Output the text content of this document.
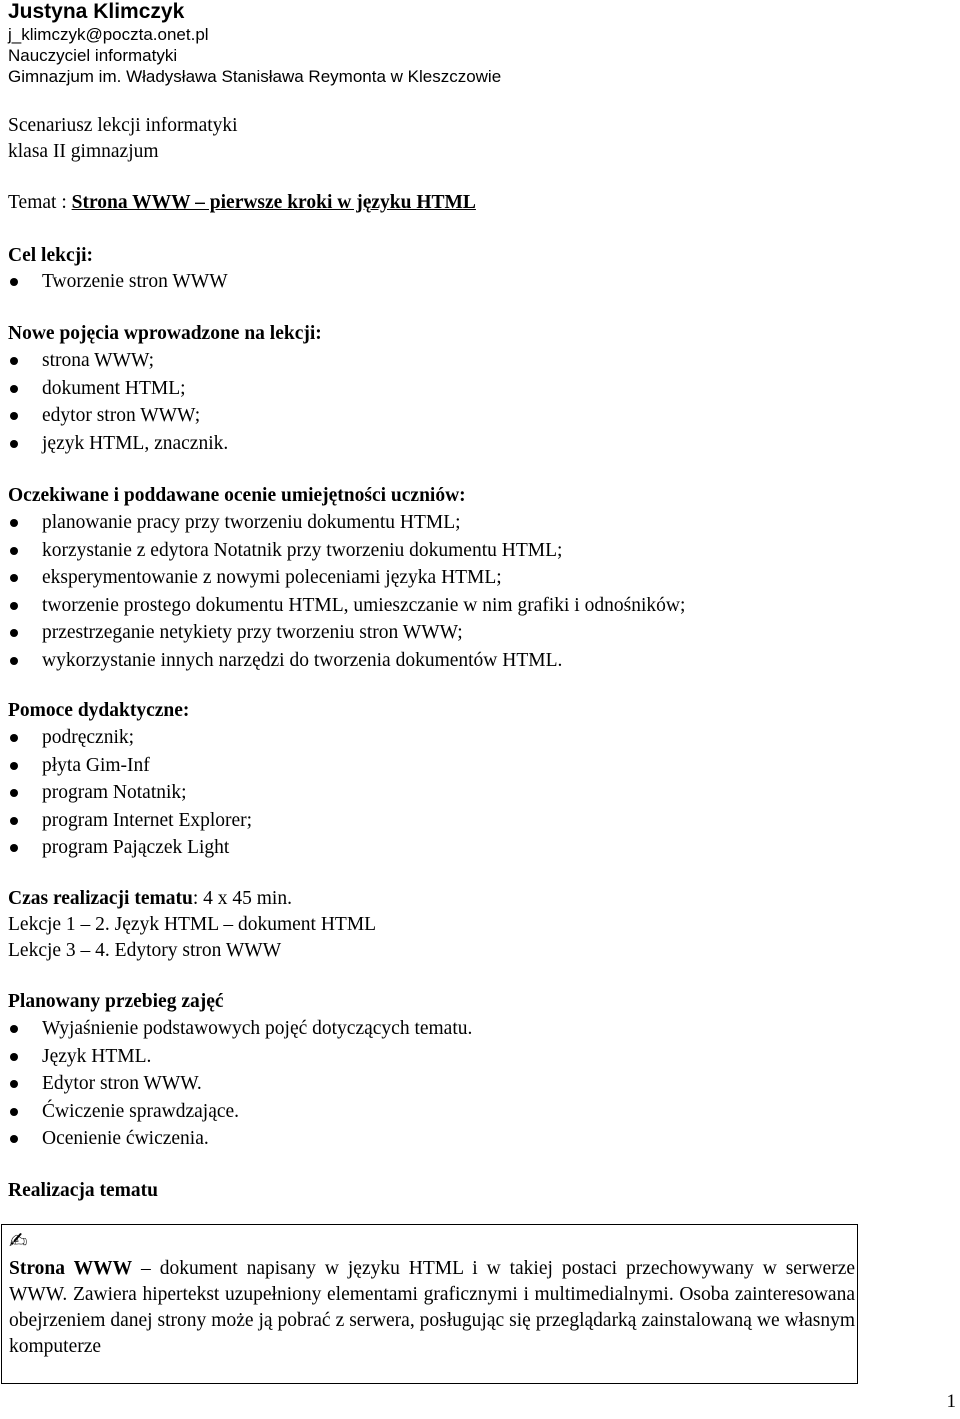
Justyna Klimczyk
j_klimczyk@poczta.onet.pl
Nauczyciel informatyki
Gimnazjum im. Władysława Stanisława Reymonta w Kleszczowie
Scenariusz lekcji informatyki
klasa II gimnazjum
Temat : Strona WWW – pierwsze kroki w języku HTML
Cel lekcji:
Tworzenie stron WWW
Nowe pojęcia wprowadzone na lekcji:
strona WWW;
dokument HTML;
edytor stron WWW;
język HTML, znacznik.
Oczekiwane i poddawane ocenie umiejętności uczniów:
planowanie pracy przy tworzeniu dokumentu HTML;
korzystanie z edytora Notatnik przy tworzeniu dokumentu HTML;
eksperymentowanie z nowymi poleceniami języka HTML;
tworzenie prostego dokumentu HTML, umieszczanie w nim grafiki i odnośników;
przestrzeganie netykiety przy tworzeniu stron WWW;
wykorzystanie innych narzędzi do tworzenia dokumentów HTML.
Pomoce dydaktyczne:
podręcznik;
płyta Gim-Inf
program Notatnik;
program Internet Explorer;
program Pajączek Light
Czas realizacji tematu: 4 x 45 min.
Lekcje 1 – 2. Język HTML – dokument HTML
Lekcje 3 – 4. Edytory stron WWW
Planowany przebieg zajęć
Wyjaśnienie podstawowych pojęć dotyczących tematu.
Język HTML.
Edytor stron WWW.
Ćwiczenie sprawdzające.
Ocenienie ćwiczenia.
Realizacja tematu
✍
Strona WWW – dokument napisany w języku HTML i w takiej postaci przechowywany w serwerze WWW. Zawiera hipertekst uzupełniony elementami graficznymi i multimedialnymi. Osoba zainteresowana obejrzeniem danej strony może ją pobrać z serwera, posługując się przeglądarką zainstalowaną we własnym komputerze
1
